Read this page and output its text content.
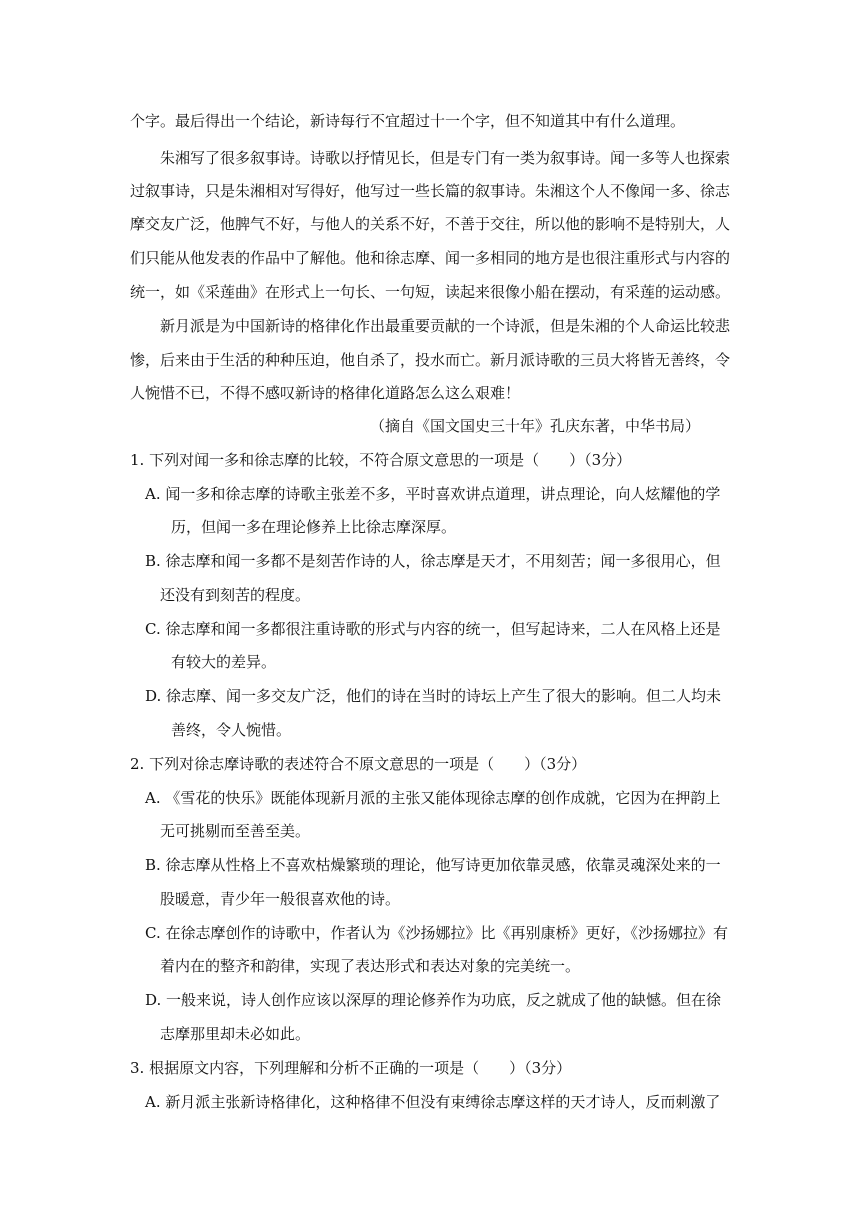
个字。最后得出一个结论，新诗每行不宜超过十一个字，但不知道其中有什么道理。
朱湘写了很多叙事诗。诗歌以抒情见长，但是专门有一类为叙事诗。闻一多等人也探索
过叙事诗，只是朱湘相对写得好，他写过一些长篇的叙事诗。朱湘这个人不像闻一多、徐志
摩交友广泛，他脾气不好，与他人的关系不好，不善于交往，所以他的影响不是特别大，人
们只能从他发表的作品中了解他。他和徐志摩、闻一多相同的地方是也很注重形式与内容的
统一，如《采莲曲》在形式上一句长、一句短，读起来很像小船在摆动，有采莲的运动感。
新月派是为中国新诗的格律化作出最重要贡献的一个诗派，但是朱湘的个人命运比较悲
惨，后来由于生活的种种压迫，他自杀了，投水而亡。新月派诗歌的三员大将皆无善终，令
人惋惜不已，不得不感叹新诗的格律化道路怎么这么艰难！
（摘自《国文国史三十年》孔庆东著，中华书局）
1. 下列对闻一多和徐志摩的比较，不符合原文意思的一项是（　　）（3分）
A. 闻一多和徐志摩的诗歌主张差不多，平时喜欢讲点道理，讲点理论，向人炫耀他的学
历，但闻一多在理论修养上比徐志摩深厚。
B. 徐志摩和闻一多都不是刻苦作诗的人，徐志摩是天才，不用刻苦；闻一多很用心，但
还没有到刻苦的程度。
C. 徐志摩和闻一多都很注重诗歌的形式与内容的统一，但写起诗来，二人在风格上还是
有较大的差异。
D. 徐志摩、闻一多交友广泛，他们的诗在当时的诗坛上产生了很大的影响。但二人均未
善终，令人惋惜。
2. 下列对徐志摩诗歌的表述符合不原文意思的一项是（　　）（3分）
A. 《雪花的快乐》既能体现新月派的主张又能体现徐志摩的创作成就，它因为在押韵上
无可挑剔而至善至美。
B. 徐志摩从性格上不喜欢枯燥繁琐的理论，他写诗更加依靠灵感，依靠灵魂深处来的一
股暖意，青少年一般很喜欢他的诗。
C. 在徐志摩创作的诗歌中，作者认为《沙扬娜拉》比《再别康桥》更好，《沙扬娜拉》有
着内在的整齐和韵律，实现了表达形式和表达对象的完美统一。
D. 一般来说，诗人创作应该以深厚的理论修养作为功底，反之就成了他的缺憾。但在徐
志摩那里却未必如此。
3. 根据原文内容，下列理解和分析不正确的一项是（　　）（3分）
A. 新月派主张新诗格律化，这种格律不但没有束缚徐志摩这样的天才诗人，反而刺激了
